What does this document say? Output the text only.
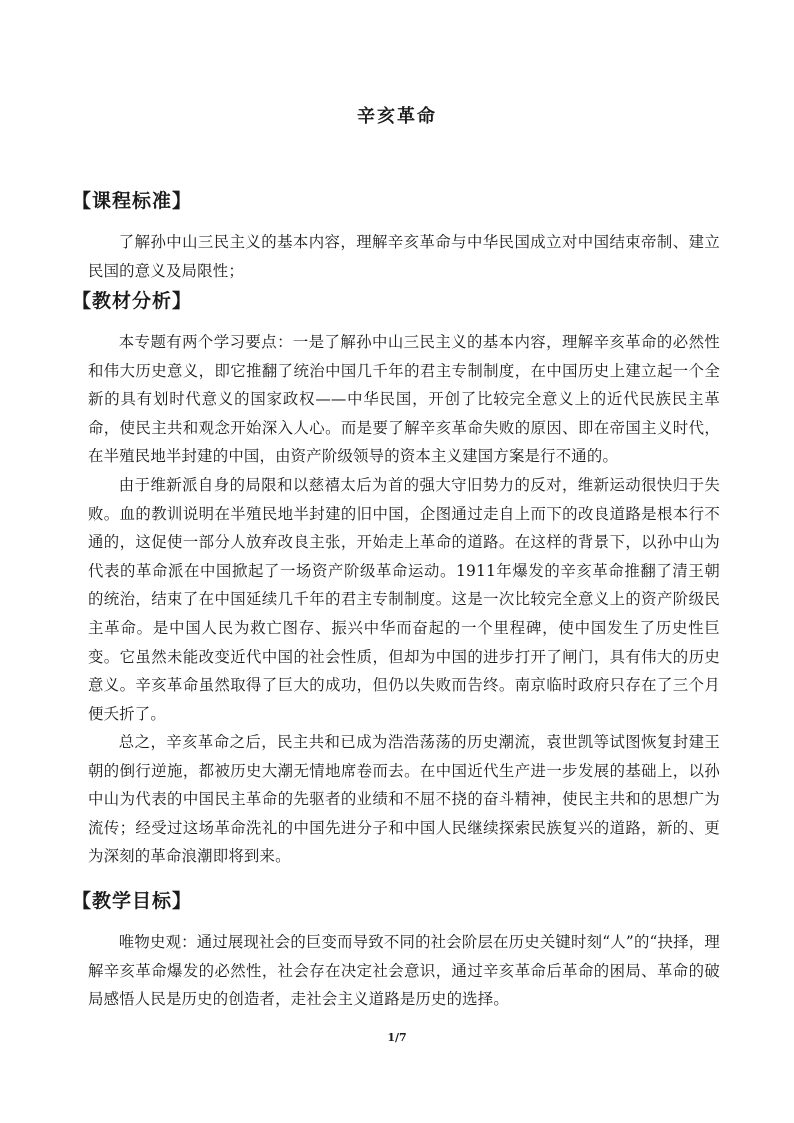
辛亥革命
【课程标准】

了解孙中山三民主义的基本内容，理解辛亥革命与中华民国成立对中国结束帝制、建立民国的意义及局限性；

【教材分析】

本专题有两个学习要点：一是了解孙中山三民主义的基本内容，理解辛亥革命的必然性和伟大历史意义，即它推翻了统治中国几千年的君主专制制度，在中国历史上建立起一个全新的具有划时代意义的国家政权——中华民国，开创了比较完全意义上的近代民族民主革命，使民主共和观念开始深入人心。而是要了解辛亥革命失败的原因、即在帝国主义时代，在半殖民地半封建的中国，由资产阶级领导的资本主义建国方案是行不通的。

由于维新派自身的局限和以慈禧太后为首的强大守旧势力的反对，维新运动很快归于失败。血的教训说明在半殖民地半封建的旧中国，企图通过走自上而下的改良道路是根本行不通的，这促使一部分人放弃改良主张，开始走上革命的道路。在这样的背景下，以孙中山为代表的革命派在中国掀起了一场资产阶级革命运动。1911年爆发的辛亥革命推翻了清王朝的统治，结束了在中国延续几千年的君主专制制度。这是一次比较完全意义上的资产阶级民主革命。是中国人民为救亡图存、振兴中华而奋起的一个里程碑，使中国发生了历史性巨变。它虽然未能改变近代中国的社会性质，但却为中国的进步打开了闸门，具有伟大的历史意义。辛亥革命虽然取得了巨大的成功，但仍以失败而告终。南京临时政府只存在了三个月便夭折了。

总之，辛亥革命之后，民主共和已成为浩浩荡荡的历史潮流，袁世凯等试图恢复封建王朝的倒行逆施，都被历史大潮无情地席卷而去。在中国近代生产进一步发展的基础上，以孙中山为代表的中国民主革命的先驱者的业绩和不屈不挠的奋斗精神，使民主共和的思想广为流传；经受过这场革命洗礼的中国先进分子和中国人民继续探索民族复兴的道路，新的、更为深刻的革命浪潮即将到来。

【教学目标】

唯物史观：通过展现社会的巨变而导致不同的社会阶层在历史关键时刻“人”的“抉择，理解辛亥革命爆发的必然性，社会存在决定社会意识，通过辛亥革命后革命的困局、革命的破局感悟人民是历史的创造者，走社会主义道路是历史的选择。

1/7
